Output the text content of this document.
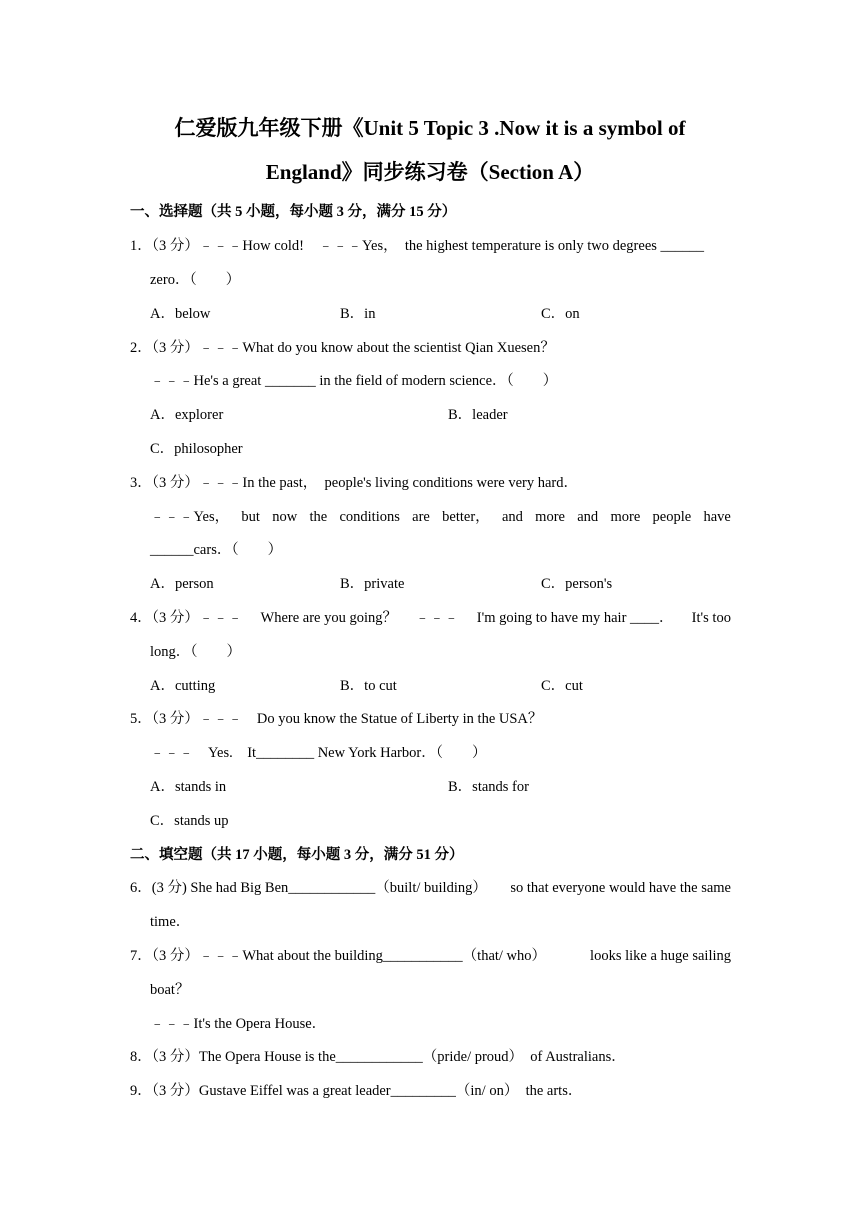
仁爱版九年级下册《Unit 5 Topic 3 .Now it is a symbol of
England》同步练习卷（Section A）
一、选择题（共 5 小题，每小题 3 分，满分 15 分）
1．（3 分）﹣﹣﹣How cold!　﹣﹣﹣Yes，　the highest temperature is only two degrees ______
zero．（　　）
A．below	B．in	C．on
2．（3 分）﹣﹣﹣What do you know about the scientist Qian Xuesen？
﹣﹣﹣He's a great _______ in the field of modern science．（　　）
A．explorer	B．leader
C．philosopher
3．（3 分）﹣﹣﹣In the past，　people's living conditions were very hard．
﹣﹣﹣Yes， but now the conditions are better， and more and more people have
______cars．（　　）
A．person	B．private	C．person's
4．（3 分）﹣﹣﹣ Where are you going？ ﹣﹣﹣ I'm going to have my hair ____． It's too
long．（　　）
A．cutting	B．to cut	C．cut
5．（3 分）﹣﹣﹣　Do you know the Statue of Liberty in the USA？
﹣﹣﹣　Yes.　It________ New York Harbor．（　　）
A．stands in	B．stands for
C．stands up
二、填空题（共 17 小题，每小题 3 分，满分 51 分）
6．(3 分) She had Big Ben____________（built/ building） so that everyone would have the same
time．
7．（3 分）﹣﹣﹣What about the building___________（that/ who）	looks like a huge sailing
boat？
﹣﹣﹣It's the Opera House．
8．（3 分）The Opera House is the____________（pride/ proud）　of Australians．
9．（3 分）Gustave Eiffel was a great leader_________（in/ on）　the arts．
